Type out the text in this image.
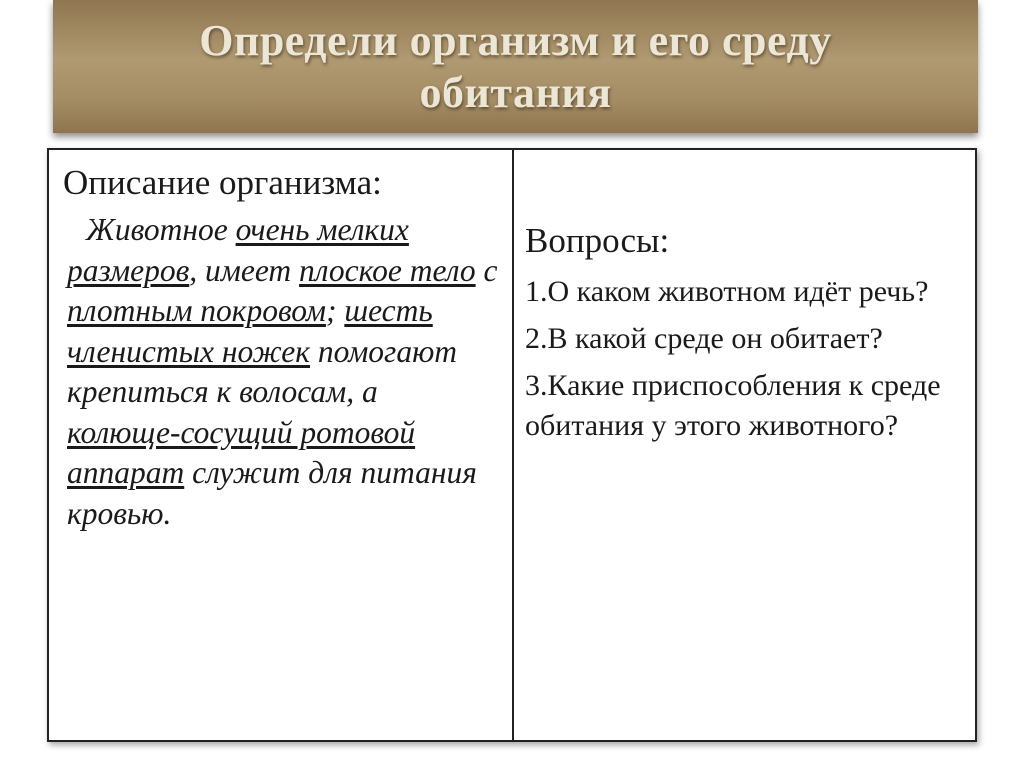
Определи организм и его среду
обитания
Описание организма:

Животное очень мелких размеров, имеет плоское тело с плотным покровом; шесть членистых ножек помогают крепиться к волосам, а колюще-сосущий ротовой аппарат служит для питания кровью.

Вопросы:

1.О каком животном идёт речь?

2.В какой среде он обитает?

3.Какие приспособления к среде обитания у этого животного?
